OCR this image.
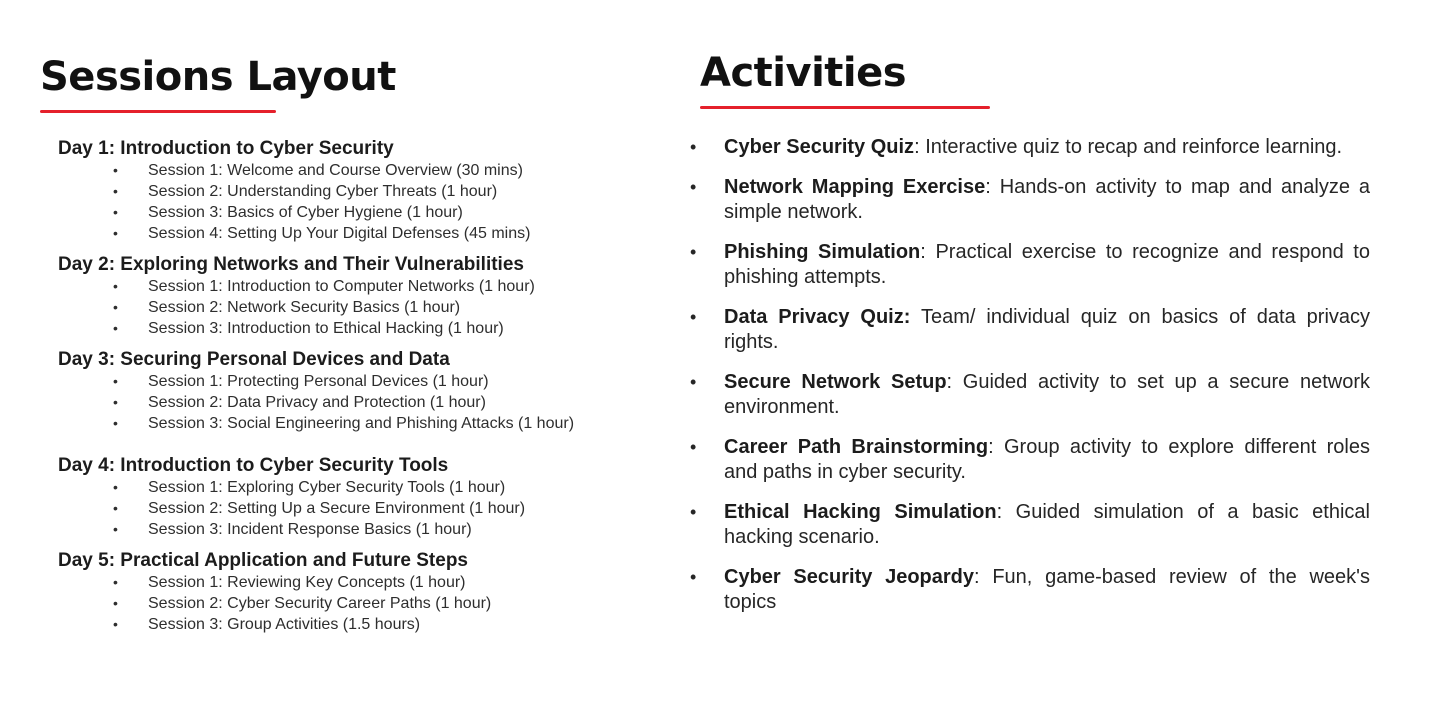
Sessions Layout
Day 1: Introduction to Cyber Security
• Session 1: Welcome and Course Overview (30 mins)
• Session 2: Understanding Cyber Threats (1 hour)
• Session 3: Basics of Cyber Hygiene (1 hour)
• Session 4: Setting Up Your Digital Defenses (45 mins)
Day 2: Exploring Networks and Their Vulnerabilities
• Session 1: Introduction to Computer Networks (1 hour)
• Session 2: Network Security Basics (1 hour)
• Session 3: Introduction to Ethical Hacking (1 hour)
Day 3: Securing Personal Devices and Data
• Session 1: Protecting Personal Devices (1 hour)
• Session 2: Data Privacy and Protection (1 hour)
• Session 3: Social Engineering and Phishing Attacks (1 hour)
Day 4: Introduction to Cyber Security Tools
• Session 1: Exploring Cyber Security Tools (1 hour)
• Session 2: Setting Up a Secure Environment (1 hour)
• Session 3: Incident Response Basics (1 hour)
Day 5: Practical Application and Future Steps
• Session 1: Reviewing Key Concepts (1 hour)
• Session 2: Cyber Security Career Paths (1 hour)
• Session 3: Group Activities (1.5 hours)
Activities
• Cyber Security Quiz: Interactive quiz to recap and reinforce learning.
• Network Mapping Exercise: Hands-on activity to map and analyze a simple network.
• Phishing Simulation: Practical exercise to recognize and respond to phishing attempts.
• Data Privacy Quiz: Team/ individual quiz on basics of data privacy rights.
• Secure Network Setup: Guided activity to set up a secure network environment.
• Career Path Brainstorming: Group activity to explore different roles and paths in cyber security.
• Ethical Hacking Simulation: Guided simulation of a basic ethical hacking scenario.
• Cyber Security Jeopardy: Fun, game-based review of the week's topics
